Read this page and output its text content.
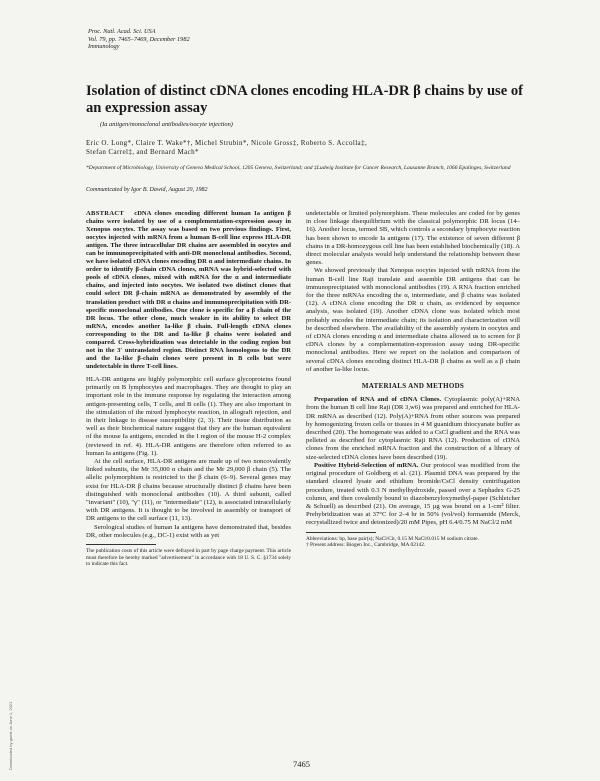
Proc. Natl. Acad. Sci. USA
Vol. 79, pp. 7465–7469, December 1982
Immunology
Isolation of distinct cDNA clones encoding HLA-DR β chains by use of an expression assay
(Ia antigen/monoclonal antibodies/oocyte injection)
Eric O. Long*, Claire T. Wake*†, Michel Strubin*, Nicole Gross‡, Roberto S. Accolla‡,
Stefan Carrel‡, and Bernard Mach*
*Department of Microbiology, University of Geneva Medical School, 1205 Geneva, Switzerland; and ‡Ludwig Institute for Cancer Research, Lausanne Branch, 1066 Epalinges, Switzerland
Communicated by Igor B. Dawid, August 20, 1982
ABSTRACT cDNA clones encoding different human Ia antigen β chains were isolated by use of a complementation-expression assay in Xenopus oocytes. The assay was based on two previous findings. First, oocytes injected with mRNA from a human B-cell line express HLA-DR antigen. The three intracellular DR chains are assembled in oocytes and can be immunoprecipitated with anti-DR monoclonal antibodies. Second, we have isolated cDNA clones encoding DR α and intermediate chains. In order to identify β-chain cDNA clones, mRNA was hybrid-selected with pools of cDNA clones, mixed with mRNA for the α and intermediate chains, and injected into oocytes. We isolated two distinct clones that could select DR β-chain mRNA as demonstrated by assembly of the translation product with DR α chains and immunoprecipitation with DR-specific monoclonal antibodies. One clone is specific for a β chain of the DR locus. The other clone, much weaker in its ability to select DR mRNA, encodes another Ia-like β chain. Full-length cDNA clones corresponding to the DR and Ia-like β chains were isolated and compared. Cross-hybridization was detectable in the coding region but not in the 3′ untranslated region. Distinct RNA homologous to the DR and the Ia-like β-chain clones were present in B cells but were undetectable in three T-cell lines.

HLA-DR antigens are highly polymorphic cell surface glycoproteins found primarily on B lymphocytes and macrophages. They are thought to play an important role in the immune response by regulating the interaction among antigen-presenting cells, T cells, and B cells (1). They are also important in the stimulation of the mixed lymphocyte reaction, in allograft rejection, and in their linkage to disease susceptibility (2, 3). Their tissue distribution as well as their biochemical nature suggest that they are the human equivalent of the mouse Ia antigens, encoded in the I region of the mouse H-2 complex (reviewed in ref. 4). HLA-DR antigens are therefore often referred to as human Ia antigens (Fig. 1).

At the cell surface, HLA-DR antigens are made up of two noncovalently linked subunits, the Mr 35,000 α chain and the Mr 29,000 β chain (5). The allelic polymorphism is restricted to the β chain (6–9). Several genes may exist for HLA-DR β chains because structurally distinct β chains have been distinguished with monoclonal antibodies (10). A third subunit, called "invariant" (10), "γ" (11), or "intermediate" (12), is associated intracellularly with DR antigens. It is thought to be involved in assembly or transport of DR antigens to the cell surface (11, 13).

Serological studies of human Ia antigens have demonstrated that, besides DR, other molecules (e.g., DC-1) exist with as yet

The publication costs of this article were defrayed in part by page charge payment. This article must therefore be hereby marked "advertisement" in accordance with 18 U. S. C. §1734 solely to indicate this fact.

undetectable or limited polymorphism. These molecules are coded for by genes in close linkage disequilibrium with the classical polymorphic DR locus (14–16). Another locus, termed SB, which controls a secondary lymphocyte reaction has been shown to encode Ia antigens (17). The existence of seven different β chains in a DR-homozygous cell line has been established biochemically (18). A direct molecular analysis would help understand the relationship between these genes.

We showed previously that Xenopus oocytes injected with mRNA from the human B-cell line Raji translate and assemble DR antigens that can be immunoprecipitated with monoclonal antibodies (19). A RNA fraction enriched for the three mRNAs encoding the α, intermediate, and β chains was isolated (12). A cDNA clone encoding the DR α chain, as evidenced by sequence analysis, was isolated (19). Another cDNA clone was isolated which most probably encodes the intermediate chain; its isolation and characterization will be described elsewhere. The availability of the assembly system in oocytes and of cDNA clones encoding α and intermediate chains allowed us to screen for β cDNA clones by a complementation-expression assay using DR-specific monoclonal antibodies. Here we report on the isolation and comparison of several cDNA clones encoding distinct HLA-DR β chains as well as a β chain of another Ia-like locus.

MATERIALS AND METHODS

Preparation of RNA and of cDNA Clones. Cytoplasmic poly(A)+RNA from the human B cell line Raji (DR 3,w6) was prepared and enriched for HLA-DR mRNA as described (12). Poly(A)+RNA from other sources was prepared by homogenizing frozen cells or tissues in 4 M guanidium thiocyanate buffer as described (20). The homogenate was added to a CsCl gradient and the RNA was pelleted as described for cytoplasmic Raji RNA (12). Production of cDNA clones from the enriched mRNA fraction and the construction of a library of size-selected cDNA clones have been described (19).

Positive Hybrid-Selection of mRNA. Our protocol was modified from the original procedure of Goldberg et al. (21). Plasmid DNA was prepared by the standard cleared lysate and ethidium bromide/CsCl density centrifugation procedure, treated with 0.3 N methylhydroxide, passed over a Sephadex G-25 column, and then covalently bound to diazobenzyloxymethyl-paper (Schleicher & Schuell) as described (21). On average, 15 µg was bound on a 1-cm² filter. Prehybridization was at 37°C for 2–4 hr in 50% (vol/vol) formamide (Merck, recrystallized twice and deionized)/20 mM Pipes, pH 6.4/0.75 M NaCl/2 mM

Abbreviations: bp, base pair(s); NaCl/Cit, 0.15 M NaCl/0.015 M sodium citrate.
† Present address: Biogen Inc., Cambridge, MA 02142.
7465
Downloaded by guest on June 1, 2021
